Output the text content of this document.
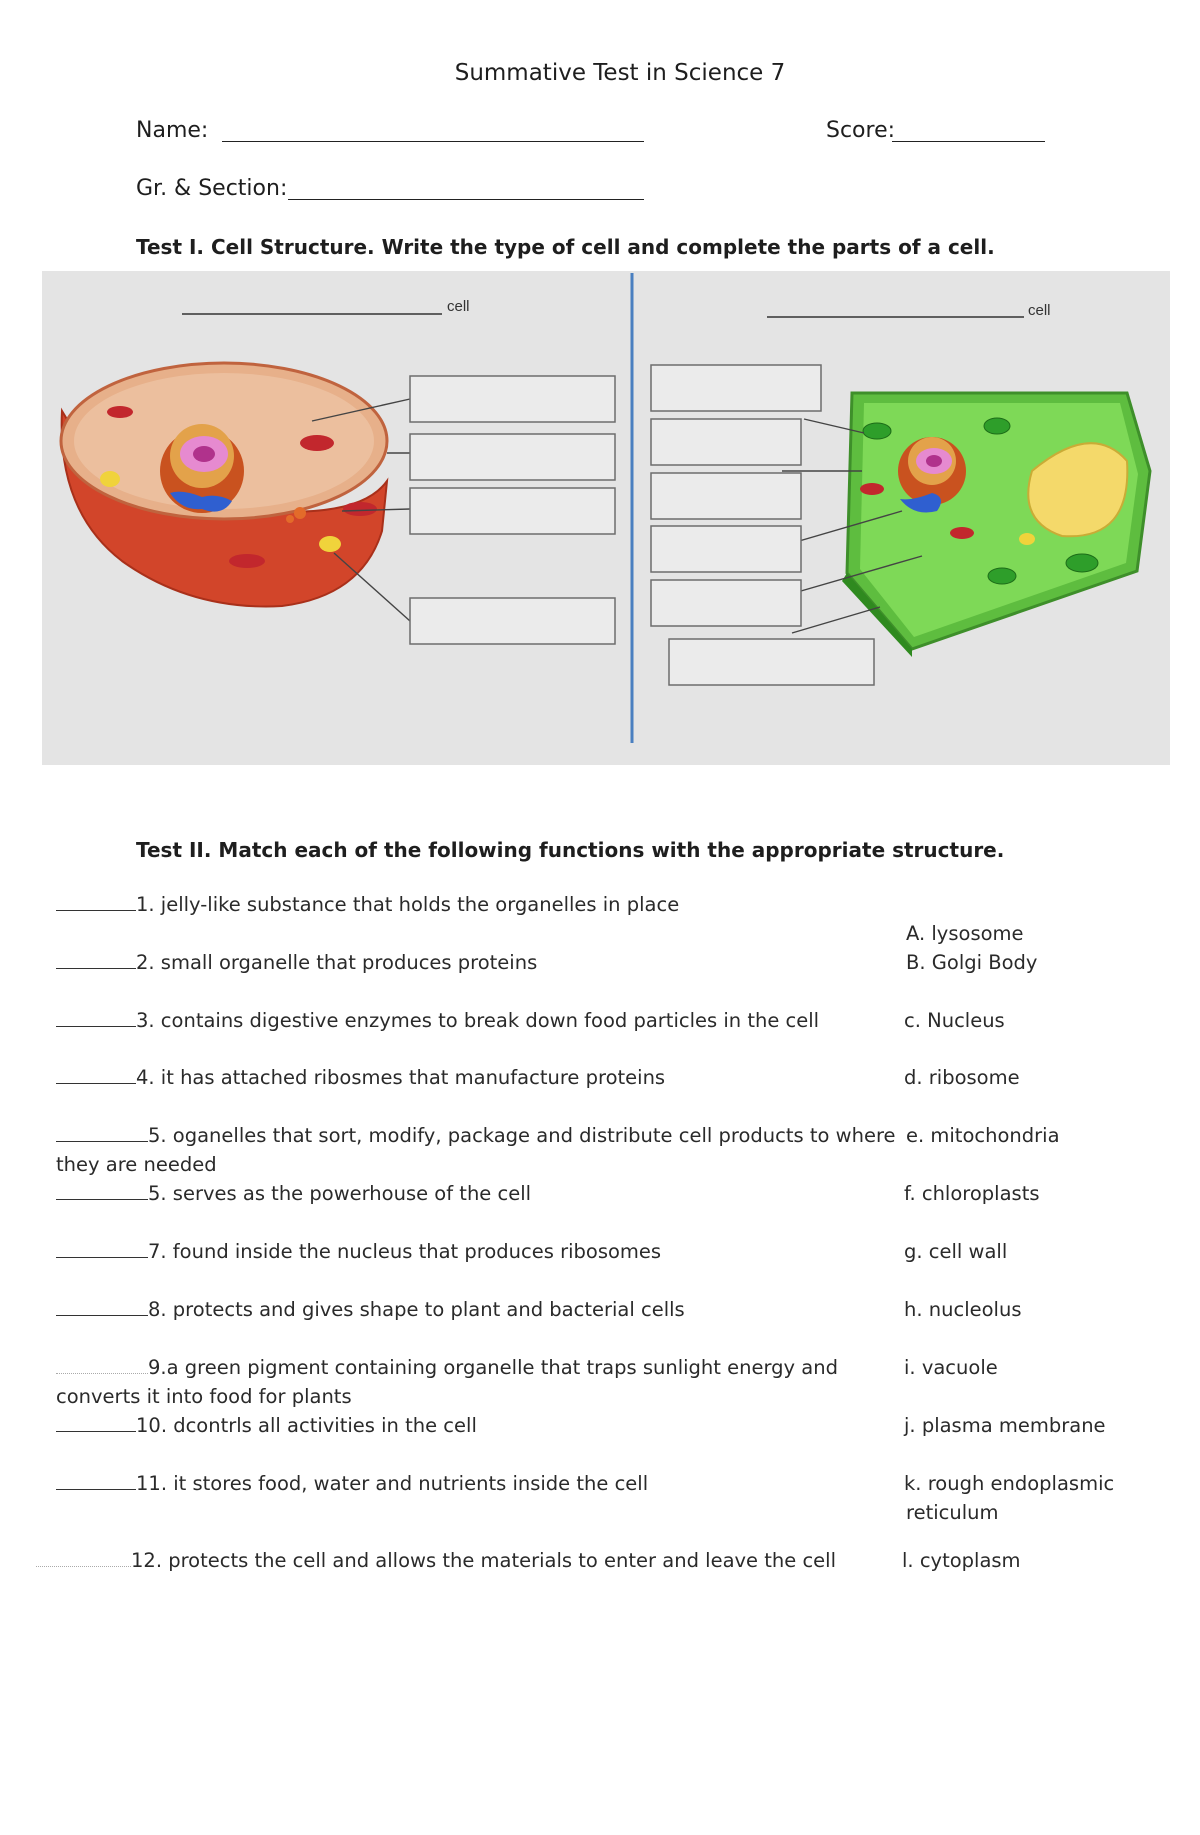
Summative Test in Science 7
Name:	Score:
Gr. & Section:
Test I. Cell Structure. Write the type of cell and complete the parts of a cell.
cell	cell
Test II. Match each of the following functions with the appropriate structure.
1. jelly-like substance that holds the organelles in place
2. small organelle that produces proteins
3. contains digestive enzymes to break down food particles in the cell
4. it has attached ribosmes that manufacture proteins
5. oganelles that sort, modify, package and distribute cell products to where
they are needed
5. serves as the powerhouse of the cell
7. found inside the nucleus that produces ribosomes
8. protects and gives shape to plant and bacterial cells
9.a green pigment containing organelle that traps sunlight energy and
converts it into food for plants
10. dcontrls all activities in the cell
11. it stores food, water and nutrients inside the cell
12. protects the cell and allows the materials to enter and leave the cell
A. lysosome
B. Golgi Body
c. Nucleus
d. ribosome
e. mitochondria
f. chloroplasts
g. cell wall
h. nucleolus
i. vacuole
j. plasma membrane
k. rough endoplasmic
reticulum
l. cytoplasm
